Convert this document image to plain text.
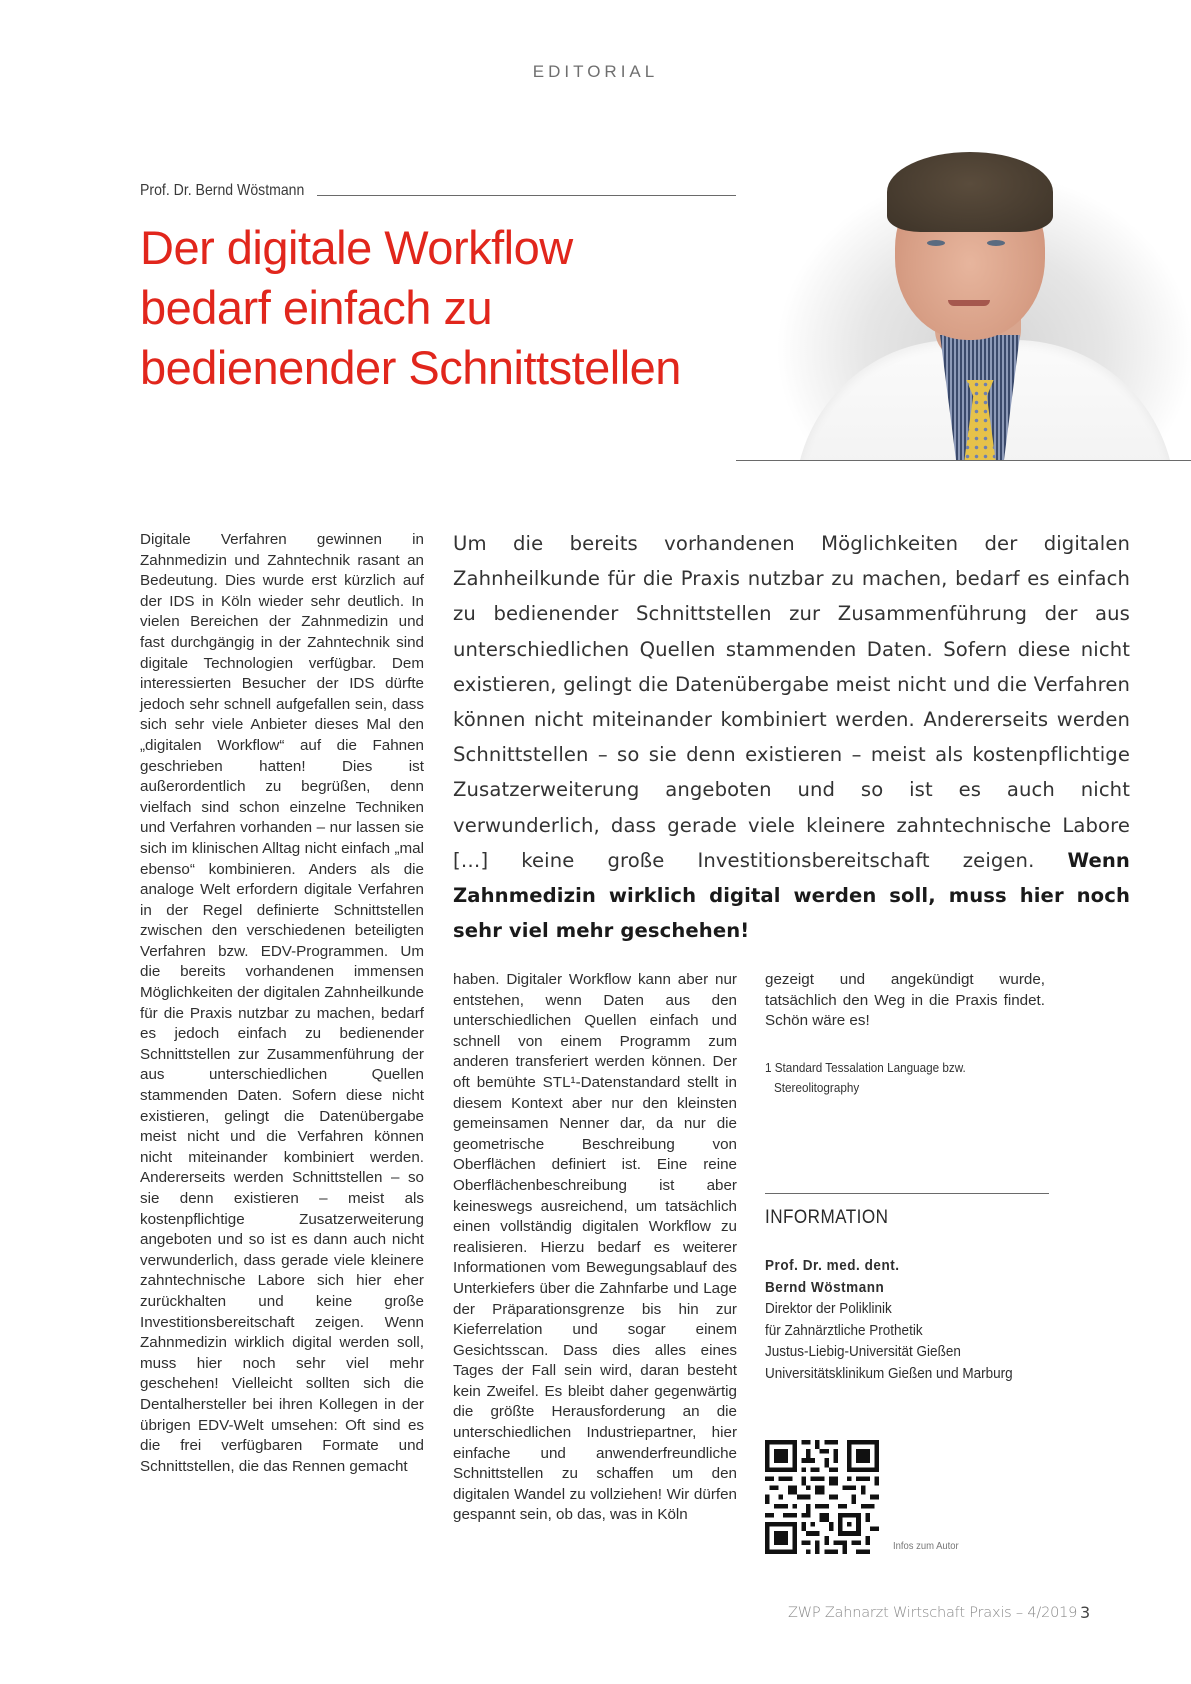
EDITORIAL
Prof. Dr. Bernd Wöstmann
Der digitale Workflow
bedarf einfach zu
bedienender Schnittstellen

Digitale Verfahren gewinnen in Zahnmedizin und Zahntechnik rasant an Bedeutung. Dies wurde erst kürzlich auf der IDS in Köln wieder sehr deutlich. In vielen Bereichen der Zahnmedizin und fast durchgängig in der Zahntechnik sind digitale Technologien verfügbar. Dem interessierten Besucher der IDS dürfte jedoch sehr schnell aufgefallen sein, dass sich sehr viele Anbieter dieses Mal den „digitalen Workflow“ auf die Fahnen geschrieben hatten! Dies ist außerordentlich zu begrüßen, denn vielfach sind schon einzelne Techniken und Verfahren vorhanden – nur lassen sie sich im klinischen Alltag nicht einfach „mal ebenso“ kombinieren. Anders als die analoge Welt erfordern digitale Verfahren in der Regel definierte Schnittstellen zwischen den verschiedenen beteiligten Verfahren bzw. EDV-Programmen. Um die bereits vorhandenen immensen Möglichkeiten der digitalen Zahnheilkunde für die Praxis nutzbar zu machen, bedarf es jedoch einfach zu bedienender Schnittstellen zur Zusammenführung der aus unterschiedlichen Quellen stammenden Daten. Sofern diese nicht existieren, gelingt die Datenübergabe meist nicht und die Verfahren können nicht miteinander kombiniert werden. Andererseits werden Schnittstellen – so sie denn existieren – meist als kostenpflichtige Zusatzerweiterung angeboten und so ist es dann auch nicht verwunderlich, dass gerade viele kleinere zahntechnische Labore sich hier eher zurückhalten und keine große Investitionsbereitschaft zeigen. Wenn Zahnmedizin wirklich digital werden soll, muss hier noch sehr viel mehr geschehen! Vielleicht sollten sich die Dentalhersteller bei ihren Kollegen in der übrigen EDV-Welt umsehen: Oft sind es die frei verfügbaren Formate und Schnittstellen, die das Rennen gemacht

Um die bereits vorhandenen Möglichkeiten der digitalen Zahnheilkunde für die Praxis nutzbar zu machen, bedarf es einfach zu bedienender Schnittstellen zur Zusammenführung der aus unterschiedlichen Quellen stammenden Daten. Sofern diese nicht existieren, gelingt die Datenübergabe meist nicht und die Verfahren können nicht miteinander kombiniert werden. Andererseits werden Schnittstellen – so sie denn existieren – meist als kostenpflichtige Zusatzerweiterung angeboten und so ist es auch nicht verwunderlich, dass gerade viele kleinere zahntechnische Labore […] keine große Investitionsbereitschaft zeigen. Wenn Zahnmedizin wirklich digital werden soll, muss hier noch sehr viel mehr geschehen!

haben. Digitaler Workflow kann aber nur entstehen, wenn Daten aus den unterschiedlichen Quellen einfach und schnell von einem Programm zum anderen transferiert werden können. Der oft bemühte STL¹-Datenstandard stellt in diesem Kontext aber nur den kleinsten gemeinsamen Nenner dar, da nur die geometrische Beschreibung von Oberflächen definiert ist. Eine reine Oberflächenbeschreibung ist aber keineswegs ausreichend, um tatsächlich einen vollständig digitalen Workflow zu realisieren. Hierzu bedarf es weiterer Informationen vom Bewegungsablauf des Unterkiefers über die Zahnfarbe und Lage der Präparationsgrenze bis hin zur Kieferrelation und sogar einem Gesichtsscan. Dass dies alles eines Tages der Fall sein wird, daran besteht kein Zweifel. Es bleibt daher gegenwärtig die größte Herausforderung an die unterschiedlichen Industriepartner, hier einfache und anwenderfreundliche Schnittstellen zu schaffen um den digitalen Wandel zu vollziehen! Wir dürfen gespannt sein, ob das, was in Köln

gezeigt und angekündigt wurde, tatsächlich den Weg in die Praxis findet. Schön wäre es!

1 Standard Tessalation Language bzw.
Stereolitography
INFORMATION
Prof. Dr. med. dent.
Bernd Wöstmann
Direktor der Poliklinik
für Zahnärztliche Prothetik
Justus-Liebig-Universität Gießen
Universitätsklinikum Gießen und Marburg
Infos zum Autor
ZWP Zahnarzt Wirtschaft Praxis – 4/2019 3
